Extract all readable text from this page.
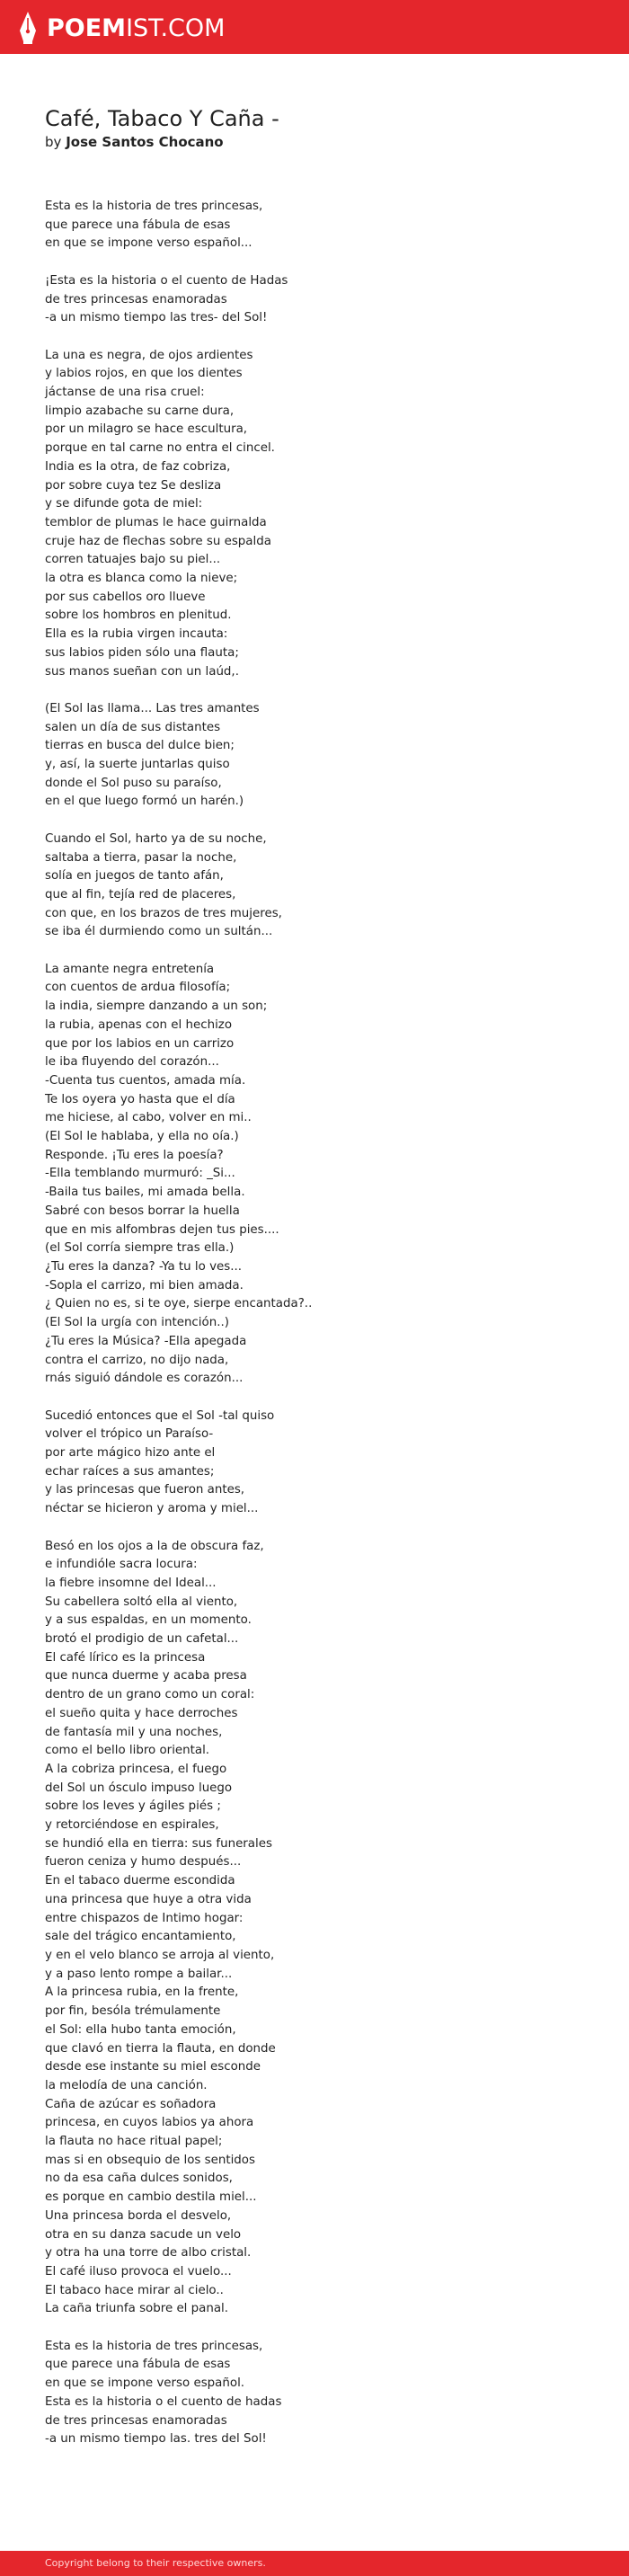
POEMIST.COM
Café, Tabaco Y Caña -
by Jose Santos Chocano
Esta es la historia de tres princesas,
que parece una fábula de esas
en que se impone verso español...
¡Esta es la historia o el cuento de Hadas
de tres princesas enamoradas
-a un mismo tiempo las tres- del Sol!
La una es negra, de ojos ardientes
y labios rojos, en que los dientes
jáctanse de una risa cruel:
limpio azabache su carne dura,
por un milagro se hace escultura,
porque en tal carne no entra el cincel.
India es la otra, de faz cobriza,
por sobre cuya tez Se desliza
y se difunde gota de miel:
temblor de plumas le hace guirnalda
cruje haz de flechas sobre su espalda
corren tatuajes bajo su piel...
la otra es blanca como la nieve;
por sus cabellos oro llueve
sobre los hombros en plenitud.
Ella es la rubia virgen incauta:
sus labios piden sólo una flauta;
sus manos sueñan con un laúd,.
(El Sol las llama... Las tres amantes
salen un día de sus distantes
tierras en busca del dulce bien;
y, así, la suerte juntarlas quiso
donde el Sol puso su paraíso,
en el que luego formó un harén.)
Cuando el Sol, harto ya de su noche,
saltaba a tierra, pasar la noche,
solía en juegos de tanto afán,
que al fin, tejía red de placeres,
con que, en los brazos de tres mujeres,
se iba él durmiendo como un sultán...
La amante negra entretenía
con cuentos de ardua filosofía;
la india, siempre danzando a un son;
la rubia, apenas con el hechizo
que por los labios en un carrizo
le iba fluyendo del corazón...
-Cuenta tus cuentos, amada mía.
Te los oyera yo hasta que el día
me hiciese, al cabo, volver en mi..
(El Sol le hablaba, y ella no oía.)
Responde. ¡Tu eres la poesía?
-Ella temblando murmuró: _Si...
-Baila tus bailes, mi amada bella.
Sabré con besos borrar la huella
que en mis alfombras dejen tus pies....
(el Sol corría siempre tras ella.)
¿Tu eres la danza? -Ya tu lo ves...
-Sopla el carrizo, mi bien amada.
¿ Quien no es, si te oye, sierpe encantada?..
(El Sol la urgía con intención..)
¿Tu eres la Música? -Ella apegada
contra el carrizo, no dijo nada,
rnás siguió dándole es corazón...
Sucedió entonces que el Sol -tal quiso
volver el trópico un Paraíso-
por arte mágico hizo ante el
echar raíces a sus amantes;
y las princesas que fueron antes,
néctar se hicieron y aroma y miel...
Besó en los ojos a la de obscura faz,
e infundióle sacra locura:
la fiebre insomne del Ideal...
Su cabellera soltó ella al viento,
y a sus espaldas, en un momento.
brotó el prodigio de un cafetal...
El café lírico es la princesa
que nunca duerme y acaba presa
dentro de un grano como un coral:
el sueño quita y hace derroches
de fantasía mil y una noches,
como el bello libro oriental.
A la cobriza princesa, el fuego
del Sol un ósculo impuso luego
sobre los leves y ágiles piés ;
y retorciéndose en espirales,
se hundió ella en tierra: sus funerales
fueron ceniza y humo después...
En el tabaco duerme escondida
una princesa que huye a otra vida
entre chispazos de Intimo hogar:
sale del trágico encantamiento,
y en el velo blanco se arroja al viento,
y a paso lento rompe a bailar...
A la princesa rubia, en la frente,
por fin, besóla trémulamente
el Sol: ella hubo tanta emoción,
que clavó en tierra la flauta, en donde
desde ese instante su miel esconde
la melodía de una canción.
Caña de azúcar es soñadora
princesa, en cuyos labios ya ahora
la flauta no hace ritual papel;
mas si en obsequio de los sentidos
no da esa caña dulces sonidos,
es porque en cambio destila miel...
Una princesa borda el desvelo,
otra en su danza sacude un velo
y otra ha una torre de albo cristal.
El café iluso provoca el vuelo...
El tabaco hace mirar al cielo..
La caña triunfa sobre el panal.
Esta es la historia de tres princesas,
que parece una fábula de esas
en que se impone verso español.
Esta es la historia o el cuento de hadas
de tres princesas enamoradas
-a un mismo tiempo las. tres del Sol!
Copyright belong to their respective owners.
